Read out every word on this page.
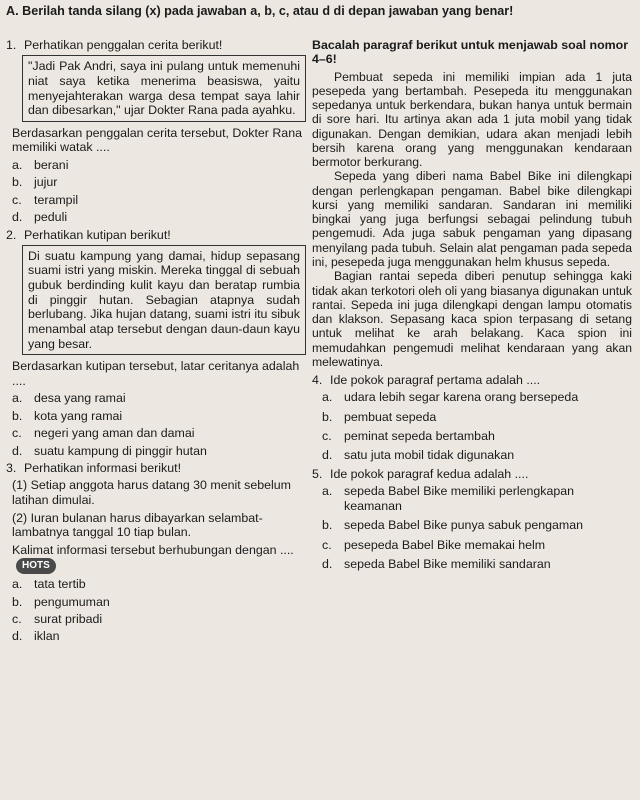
A. Berilah tanda silang (x) pada jawaban a, b, c, atau d di depan jawaban yang benar!
1. Perhatikan penggalan cerita berikut!
"Jadi Pak Andri, saya ini pulang untuk memenuhi niat saya ketika menerima beasiswa, yaitu menyejahterakan warga desa tempat saya lahir dan dibesarkan," ujar Dokter Rana pada ayahku.
Berdasarkan penggalan cerita tersebut, Dokter Rana memiliki watak ....
a. berani
b. jujur
c. terampil
d. peduli
2. Perhatikan kutipan berikut!
Di suatu kampung yang damai, hidup sepasang suami istri yang miskin. Mereka tinggal di sebuah gubuk berdinding kulit kayu dan beratap rumbia di pinggir hutan. Sebagian atapnya sudah berlubang. Jika hujan datang, suami istri itu sibuk menambal atap tersebut dengan daun-daun kayu yang besar.
Berdasarkan kutipan tersebut, latar ceritanya adalah ....
a. desa yang ramai
b. kota yang ramai
c. negeri yang aman dan damai
d. suatu kampung di pinggir hutan
3. Perhatikan informasi berikut!
(1) Setiap anggota harus datang 30 menit sebelum latihan dimulai.
(2) Iuran bulanan harus dibayarkan selambat-lambatnya tanggal 10 tiap bulan.
Kalimat informasi tersebut berhubungan dengan ....HOTS
a. tata tertib
b. pengumuman
c. surat pribadi
d. iklan
Bacalah paragraf berikut untuk menjawab soal nomor 4–6!

Pembuat sepeda ini memiliki impian ada 1 juta pesepeda yang bertambah. Pesepeda itu menggunakan sepedanya untuk berkendara, bukan hanya untuk bermain di sore hari. Itu artinya akan ada 1 juta mobil yang tidak digunakan. Dengan demikian, udara akan menjadi lebih bersih karena orang yang menggunakan kendaraan bermotor berkurang.

Sepeda yang diberi nama Babel Bike ini dilengkapi dengan perlengkapan pengaman. Babel bike dilengkapi kursi yang memiliki sandaran. Sandaran ini memiliki bingkai yang juga berfungsi sebagai pelindung tubuh pengemudi. Ada juga sabuk pengaman yang dipasang menyilang pada tubuh. Selain alat pengaman pada sepeda ini, pesepeda juga menggunakan helm khusus sepeda.

Bagian rantai sepeda diberi penutup sehingga kaki tidak akan terkotori oleh oli yang biasanya digunakan untuk rantai. Sepeda ini juga dilengkapi dengan lampu otomatis dan klakson. Sepasang kaca spion terpasang di setang untuk melihat ke arah belakang. Kaca spion ini memudahkan pengemudi melihat kendaraan yang akan melewatinya.

4. Ide pokok paragraf pertama adalah ....
a. udara lebih segar karena orang bersepeda
b. pembuat sepeda
c. peminat sepeda bertambah
d. satu juta mobil tidak digunakan
5. Ide pokok paragraf kedua adalah ....
a. sepeda Babel Bike memiliki perlengkapan keamanan
b. sepeda Babel Bike punya sabuk pengaman
c. pesepeda Babel Bike memakai helm
d. sepeda Babel Bike memiliki sandaran
